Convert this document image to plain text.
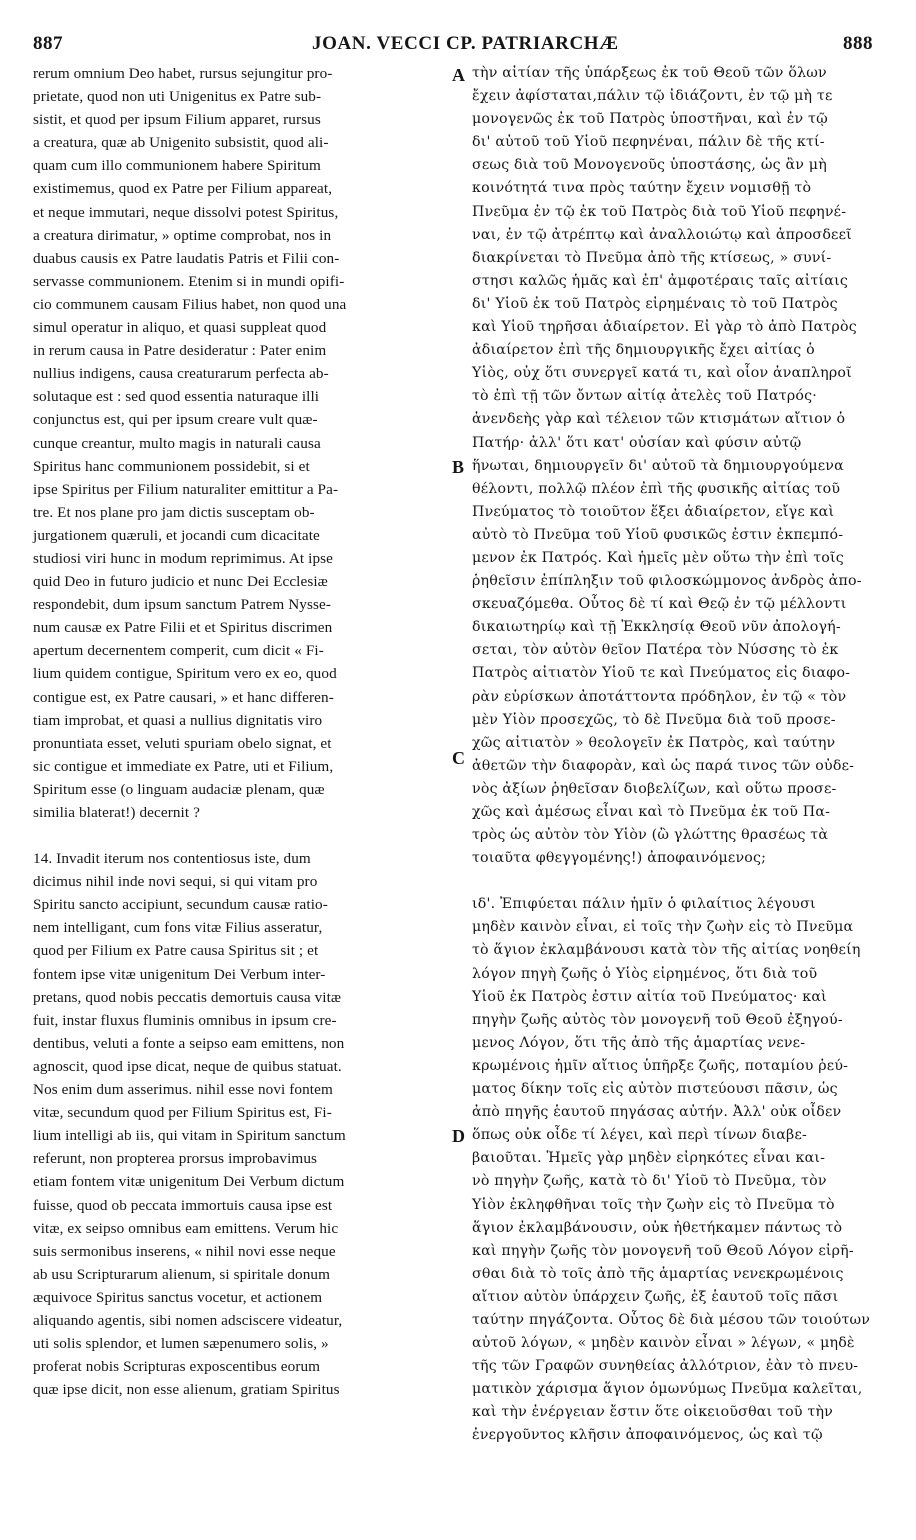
887	JOAN. VECCI CP. PATRIARCHÆ	888
A
B
C
D
rerum omnium Deo habet, rursus sejungitur pro-
prietate, quod non uti Unigenitus ex Patre sub-
sistit, et quod per ipsum Filium apparet, rursus
a creatura, quæ ab Unigenito subsistit, quod ali-
quam cum illo communionem habere Spiritum
existimemus, quod ex Patre per Filium appareat,
et neque immutari, neque dissolvi potest Spiritus,
a creatura dirimatur, » optime comprobat, nos in
duabus causis ex Patre laudatis Patris et Filii con-
servasse communionem. Etenim si in mundi opifi-
cio communem causam Filius habet, non quod una
simul operatur in aliquo, et quasi suppleat quod
in rerum causa in Patre desideratur : Pater enim
nullius indigens, causa creaturarum perfecta ab-
solutaque est : sed quod essentia naturaque illi
conjunctus est, qui per ipsum creare vult quæ-
cunque creantur, multo magis in naturali causa
Spiritus hanc communionem possidebit, si et
ipse Spiritus per Filium naturaliter emittitur a Pa-
tre. Et nos plane pro jam dictis susceptam ob-
jurgationem quæruli, et jocandi cum dicacitate
studiosi viri hunc in modum reprimimus. At ipse
quid Deo in futuro judicio et nunc Dei Ecclesiæ
respondebit, dum ipsum sanctum Patrem Nysse-
num causæ ex Patre Filii et et Spiritus discrimen
apertum decernentem comperit, cum dicit « Fi-
lium quidem contigue, Spiritum vero ex eo, quod
contigue est, ex Patre causari, » et hanc differen-
tiam improbat, et quasi a nullius dignitatis viro
pronuntiata esset, veluti spuriam obelo signat, et
sic contigue et immediate ex Patre, uti et Filium,
Spiritum esse (o linguam audaciæ plenam, quæ
similia blaterat!) decernit ?
14. Invadit iterum nos contentiosus iste, dum
dicimus nihil inde novi sequi, si qui vitam pro
Spiritu sancto accipiunt, secundum causæ ratio-
nem intelligant, cum fons vitæ Filius asseratur,
quod per Filium ex Patre causa Spiritus sit ; et
fontem ipse vitæ unigenitum Dei Verbum inter-
pretans, quod nobis peccatis demortuis causa vitæ
fuit, instar fluxus fluminis omnibus in ipsum cre-
dentibus, veluti a fonte a seipso eam emittens, non
agnoscit, quod ipse dicat, neque de quibus statuat.
Nos enim dum asserimus. nihil esse novi fontem
vitæ, secundum quod per Filium Spiritus est, Fi-
lium intelligi ab iis, qui vitam in Spiritum sanctum
referunt, non propterea prorsus improbavimus
etiam fontem vitæ unigenitum Dei Verbum dictum
fuisse, quod ob peccata immortuis causa ipse est
vitæ, ex seipso omnibus eam emittens. Verum hic
suis sermonibus inserens, « nihil novi esse neque
ab usu Scripturarum alienum, si spiritale donum
æquivoce Spiritus sanctus vocetur, et actionem
aliquando agentis, sibi nomen adsciscere videatur,
uti solis splendor, et lumen sæpenumero solis, »
proferat nobis Scripturas exposcentibus eorum
quæ ipse dicit, non esse alienum, gratiam Spiritus
τὴν αἰτίαν τῆς ὑπάρξεως ἐκ τοῦ Θεοῦ τῶν ὅλων
ἔχειν ἀφίσταται,πάλιν τῷ ἰδιάζοντι, ἐν τῷ μὴ τε
μονογενῶς ἐκ τοῦ Πατρὸς ὑποστῆναι, καὶ ἐν τῷ
δι' αὐτοῦ τοῦ Υἱοῦ πεφηνέναι, πάλιν δὲ τῆς κτί-
σεως διὰ τοῦ Μονογενοῦς ὑποστάσης, ὡς ἂν μὴ
κοινότητά τινα πρὸς ταύτην ἔχειν νομισθῇ τὸ
Πνεῦμα ἐν τῷ ἐκ τοῦ Πατρὸς διὰ τοῦ Υἱοῦ πεφηνέ-
ναι, ἐν τῷ ἀτρέπτῳ καὶ ἀναλλοιώτῳ καὶ ἀπροσδεεῖ
διακρίνεται τὸ Πνεῦμα ἀπὸ τῆς κτίσεως, » συνί-
στησι καλῶς ἡμᾶς καὶ ἐπ' ἀμφοτέραις ταῖς αἰτίαις
δι' Υἱοῦ ἐκ τοῦ Πατρὸς εἰρημέναις τὸ τοῦ Πατρὸς
καὶ Υἱοῦ τηρῆσαι ἀδιαίρετον. Εἰ γὰρ τὸ ἀπὸ Πατρὸς
ἀδιαίρετον ἐπὶ τῆς δημιουργικῆς ἔχει αἰτίας ὁ
Υἱὸς, οὐχ ὅτι συνεργεῖ κατά τι, καὶ οἷον ἀναπληροῖ
τὸ ἐπὶ τῇ τῶν ὄντων αἰτίᾳ ἀτελὲς τοῦ Πατρός·
ἀνενδεὴς γὰρ καὶ τέλειον τῶν κτισμάτων αἴτιον ὁ
Πατήρ· ἀλλ' ὅτι κατ' οὐσίαν καὶ φύσιν αὐτῷ
ἥνωται, δημιουργεῖν δι' αὐτοῦ τὰ δημιουργούμενα
θέλοντι, πολλῷ πλέον ἐπὶ τῆς φυσικῆς αἰτίας τοῦ
Πνεύματος τὸ τοιοῦτον ἕξει ἀδιαίρετον, εἴγε καὶ
αὐτὸ τὸ Πνεῦμα τοῦ Υἱοῦ φυσικῶς ἐστιν ἐκπεμπό-
μενον ἐκ Πατρός. Καὶ ἡμεῖς μὲν οὕτω τὴν ἐπὶ τοῖς
ῥηθεῖσιν ἐπίπληξιν τοῦ φιλοσκώμμονος ἀνδρὸς ἀπο-
σκευαζόμεθα. Οὗτος δὲ τί καὶ Θεῷ ἐν τῷ μέλλοντι
δικαιωτηρίῳ καὶ τῇ Ἐκκλησίᾳ Θεοῦ νῦν ἀπολογή-
σεται, τὸν αὐτὸν θεῖον Πατέρα τὸν Νύσσης τὸ ἐκ
Πατρὸς αἰτιατὸν Υἱοῦ τε καὶ Πνεύματος εἰς διαφο-
ρὰν εὑρίσκων ἀποτάττοντα πρόδηλον, ἐν τῷ « τὸν
μὲν Υἱὸν προσεχῶς, τὸ δὲ Πνεῦμα διὰ τοῦ προσε-
χῶς αἰτιατὸν » θεολογεῖν ἐκ Πατρὸς, καὶ ταύτην
ἀθετῶν τὴν διαφορὰν, καὶ ὡς παρά τινος τῶν οὐδε-
νὸς ἀξίων ῥηθεῖσαν διοβελίζων, καὶ οὕτω προσε-
χῶς καὶ ἀμέσως εἶναι καὶ τὸ Πνεῦμα ἐκ τοῦ Πα-
τρὸς ὡς αὐτὸν τὸν Υἱὸν (ὢ γλώττης θρασέως τὰ
τοιαῦτα φθεγγομένης!) ἀποφαινόμενος;
ιδ'. Ἐπιφύεται πάλιν ἡμῖν ὁ φιλαίτιος λέγουσι
μηδὲν καινὸν εἶναι, εἰ τοῖς τὴν ζωὴν εἰς τὸ Πνεῦμα
τὸ ἅγιον ἐκλαμβάνουσι κατὰ τὸν τῆς αἰτίας νοηθείη
λόγον πηγὴ ζωῆς ὁ Υἱὸς εἰρημένος, ὅτι διὰ τοῦ
Υἱοῦ ἐκ Πατρὸς ἐστιν αἰτία τοῦ Πνεύματος· καὶ
πηγὴν ζωῆς αὐτὸς τὸν μονογενῆ τοῦ Θεοῦ ἐξηγού-
μενος Λόγον, ὅτι τῆς ἀπὸ τῆς ἁμαρτίας νενε-
κρωμένοις ἡμῖν αἴτιος ὑπῆρξε ζωῆς, ποταμίου ῥεύ-
ματος δίκην τοῖς εἰς αὐτὸν πιστεύουσι πᾶσιν, ὡς
ἀπὸ πηγῆς ἑαυτοῦ πηγάσας αὐτήν. Ἀλλ' οὐκ οἶδεν
ὅπως οὐκ οἶδε τί λέγει, καὶ περὶ τίνων διαβε-
βαιοῦται. Ἡμεῖς γὰρ μηδὲν εἰρηκότες εἶναι και-
νὸ πηγὴν ζωῆς, κατὰ τὸ δι' Υἱοῦ τὸ Πνεῦμα, τὸν
Υἱὸν ἐκληφθῆναι τοῖς τὴν ζωὴν εἰς τὸ Πνεῦμα τὸ
ἅγιον ἐκλαμβάνουσιν, οὐκ ἠθετήκαμεν πάντως τὸ
καὶ πηγὴν ζωῆς τὸν μονογενῆ τοῦ Θεοῦ Λόγον εἰρῆ-
σθαι διὰ τὸ τοῖς ἀπὸ τῆς ἁμαρτίας νενεκρωμένοις
αἴτιον αὐτὸν ὑπάρχειν ζωῆς, ἐξ ἑαυτοῦ τοῖς πᾶσι
ταύτην πηγάζοντα. Οὗτος δὲ διὰ μέσου τῶν τοιούτων
αὐτοῦ λόγων, « μηδὲν καινὸν εἶναι » λέγων, « μηδὲ
τῆς τῶν Γραφῶν συνηθείας ἀλλότριον, ἐὰν τὸ πνευ-
ματικὸν χάρισμα ἅγιον ὁμωνύμως Πνεῦμα καλεῖται,
καὶ τὴν ἐνέργειαν ἔστιν ὅτε οἰκειοῦσθαι τοῦ τὴν
ἐνεργοῦντος κλῆσιν ἀποφαινόμενος, ὡς καὶ τῷ
